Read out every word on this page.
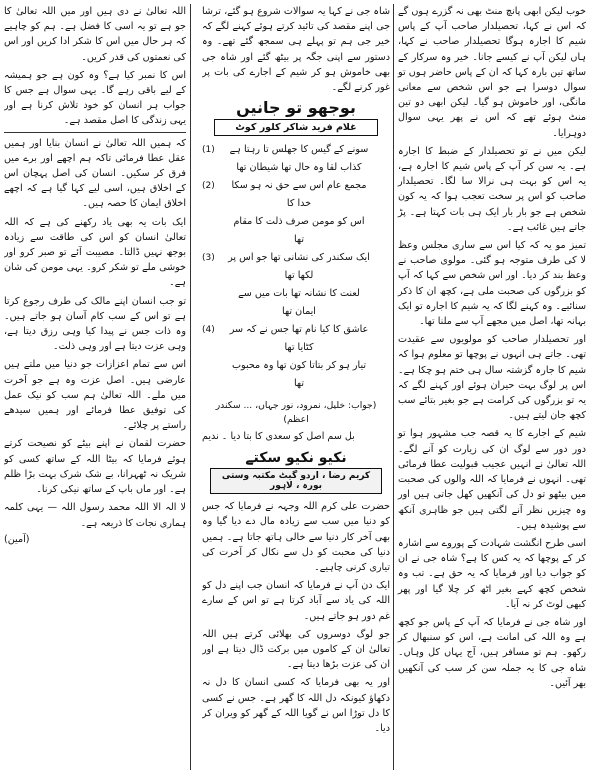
خوب لیکن ابھی پانچ منٹ بھی نہ گزرے ہوں گے کہ اس نے کہا، تحصیلدار صاحب آپ کے پاس شیم کا اجارہ ہوگا تحصیلدار صاحب نے کہا، ہاں لیکن آپ نے کیسے جانا۔ خیر وہ سرکار کے ساتھ تین بارہ کہا کہ ان کے پاس حاضر ہوں تو سوال دوسرا ہے جو اس شخص سے معانی مانگی، اور خاموش ہو گیا۔ لیکن ابھی دو تین منٹ ہوئے تھے کہ اس نے پھر یہی سوال دوہرایا۔

لیکن میں نے تو تحصیلدار کے ضبط کا اجارہ ہے۔ یہ سن کر آپ کے پاس شیم کا اجارہ ہے، یہ اس کو بہت ہی نرالا سا لگا۔ تحصیلدار صاحب کو اس پر سخت تعجب ہوا کہ یہ کون شخص ہے جو بار بار ایک ہی بات کہتا ہے۔ پڑ جاتے ہیں غائب ہے۔

تمیز مو یہ کہ کیا اس سے ساری مجلس وعظ لا کی طرف متوجہ ہو گئی۔ مولوی صاحب نے وعظ بند کر دیا۔ اور اس شخص سے کہا کہ آپ کو بزرگوں کی صحبت ملی ہے، کچھ ان کا ذکر سنائیے۔ وہ کہنے لگا کہ یہ شیم کا اجارہ تو ایک بہانہ تھا، اصل میں مجھے آپ سے ملنا تھا۔

اور تحصیلدار صاحب کو مولویوں سے عقیدت تھی۔ جاتے ہی انہوں نے پوچھا تو معلوم ہوا کہ شیم کا جارہ گزشتہ سال ہی ختم ہو چکا ہے۔ اس پر لوگ بہت حیران ہوئے اور کہنے لگے کہ یہ تو بزرگوں کی کرامت ہے جو بغیر بتائے سب کچھ جان لیتے ہیں۔

شیم کے اجارے کا یہ قصہ جب مشہور ہوا تو دور دور سے لوگ ان کی زیارت کو آنے لگے۔ اللہ تعالیٰ نے انہیں عجیب قبولیت عطا فرمائی تھی۔ انہوں نے فرمایا کہ اللہ والوں کی صحبت میں بیٹھو تو دل کی آنکھیں کھل جاتی ہیں اور وہ چیزیں نظر آنے لگتی ہیں جو ظاہری آنکھ سے پوشیدہ ہیں۔

اسی طرح انگشت شہادت کے پوروے سے اشارہ کر کے پوچھا کہ یہ کس کا ہے؟ شاہ جی نے ان کو جواب دیا اور فرمایا کہ یہ حق ہے۔ تب وہ شخص کچھ کہے بغیر اٹھ کر چلا گیا اور پھر کبھی لوٹ کر نہ آیا۔

اور شاہ جی نے فرمایا کہ آپ کے پاس جو کچھ ہے وہ اللہ کی امانت ہے، اس کو سنبھال کر رکھو۔ ہم تو مسافر ہیں، آج یہاں کل وہاں۔ شاہ جی کا یہ جملہ سن کر سب کی آنکھیں بھر آئیں۔

شاہ جی نے کہا یہ سوالات شروع ہو گئے، ترشا جی اپنے مقصد کی تائید کرتے ہوئے کہنے لگے کہ خیر جی ہم تو پہلے ہی سمجھ گئے تھے۔ وہ دستور سے اپنی جگہ پر بیٹھ گئے اور شاہ جی بھی خاموش ہو کر شیم کے اجارے کی بات پر غور کرنے لگے۔

بوجھو تو جانیں
غلام فرید شاکر کلور کوٹ
(1) سونے کے گیس کا جھلس تا رہتا ہے
کذاب لقا وہ حال تھا شیطان تھا
(2) مجمع عام اس سے حق نہ ہو سکا خدا کا
اس کو مومن صرف ذلت کا مقام تھا
(3) ایک سکندر کی نشانی تھا جو اس پر لکھا تھا
لعنت کا نشانہ تھا بات میں سے ایمان تھا
(4) عاشق کا کیا نام تھا جس نے کہ سر کٹایا تھا
تیار ہو کر بتاتا کون تھا وہ محبوب تھا
(جواب: خلیل، نمرود، نور جہاں، ... سکندر اعظم)
بل سم اصل کو سعدی کا بتا دیا ۔ ندیم
نکیو نکیو سکتے
کریم رضا ، اردو گیٹ مکتبہ وستی بورہ ، لاہور

حضرت علی کرم اللہ وجہہ نے فرمایا کہ جس کو دنیا میں سب سے زیادہ مال دے دیا گیا وہ بھی آخر کار دنیا سے خالی ہاتھ جاتا ہے۔ ہمیں دنیا کی محبت کو دل سے نکال کر آخرت کی تیاری کرنی چاہیے۔

ایک دن آپ نے فرمایا کہ انسان جب اپنے دل کو اللہ کی یاد سے آباد کرتا ہے تو اس کے سارے غم دور ہو جاتے ہیں۔

جو لوگ دوسروں کی بھلائی کرتے ہیں اللہ تعالیٰ ان کے کاموں میں برکت ڈال دیتا ہے اور ان کی عزت بڑھا دیتا ہے۔

اور یہ بھی فرمایا کہ کسی انسان کا دل نہ دکھاؤ کیونکہ دل اللہ کا گھر ہے۔ جس نے کسی کا دل توڑا اس نے گویا اللہ کے گھر کو ویران کر دیا۔

اللہ تعالیٰ نے دی ہیں اور میں اللہ تعالیٰ کا جو ہے تو یہ اسی کا فضل ہے۔ ہم کو چاہیے کہ ہر حال میں اس کا شکر ادا کریں اور اس کی نعمتوں کی قدر کریں۔

اس کا نمبر کیا ہے؟ وہ کون ہے جو ہمیشہ کے لیے باقی رہے گا۔ یہی سوال ہے جس کا جواب ہر انسان کو خود تلاش کرنا ہے اور یہی زندگی کا اصل مقصد ہے۔

کہ ہمیں اللہ تعالیٰ نے انسان بنایا اور ہمیں عقل عطا فرمائی تاکہ ہم اچھے اور برے میں فرق کر سکیں۔ انسان کی اصل پہچان اس کے اخلاق ہیں، اسی لیے کہا گیا ہے کہ اچھے اخلاق ایمان کا حصہ ہیں۔

ایک بات یہ بھی یاد رکھنے کی ہے کہ اللہ تعالیٰ انسان کو اس کی طاقت سے زیادہ بوجھ نہیں ڈالتا۔ مصیبت آئے تو صبر کرو اور خوشی ملے تو شکر کرو۔ یہی مومن کی شان ہے۔

تو جب انسان اپنے مالک کی طرف رجوع کرتا ہے تو اس کے سب کام آسان ہو جاتے ہیں۔ وہ ذات جس نے پیدا کیا وہی رزق دیتا ہے، وہی عزت دیتا ہے اور وہی ذلت۔

اس سے تمام اعزازات جو دنیا میں ملتے ہیں عارضی ہیں۔ اصل عزت وہ ہے جو آخرت میں ملے۔ اللہ تعالیٰ ہم سب کو نیک عمل کی توفیق عطا فرمائے اور ہمیں سیدھے راستے پر چلائے۔

حضرت لقمان نے اپنے بیٹے کو نصیحت کرتے ہوئے فرمایا کہ بیٹا اللہ کے ساتھ کسی کو شریک نہ ٹھہرانا، بے شک شرک بہت بڑا ظلم ہے۔ اور ماں باپ کے ساتھ نیکی کرنا۔

لا الہ الا اللہ محمد رسول اللہ — یہی کلمہ ہماری نجات کا ذریعہ ہے۔

(آمین)
